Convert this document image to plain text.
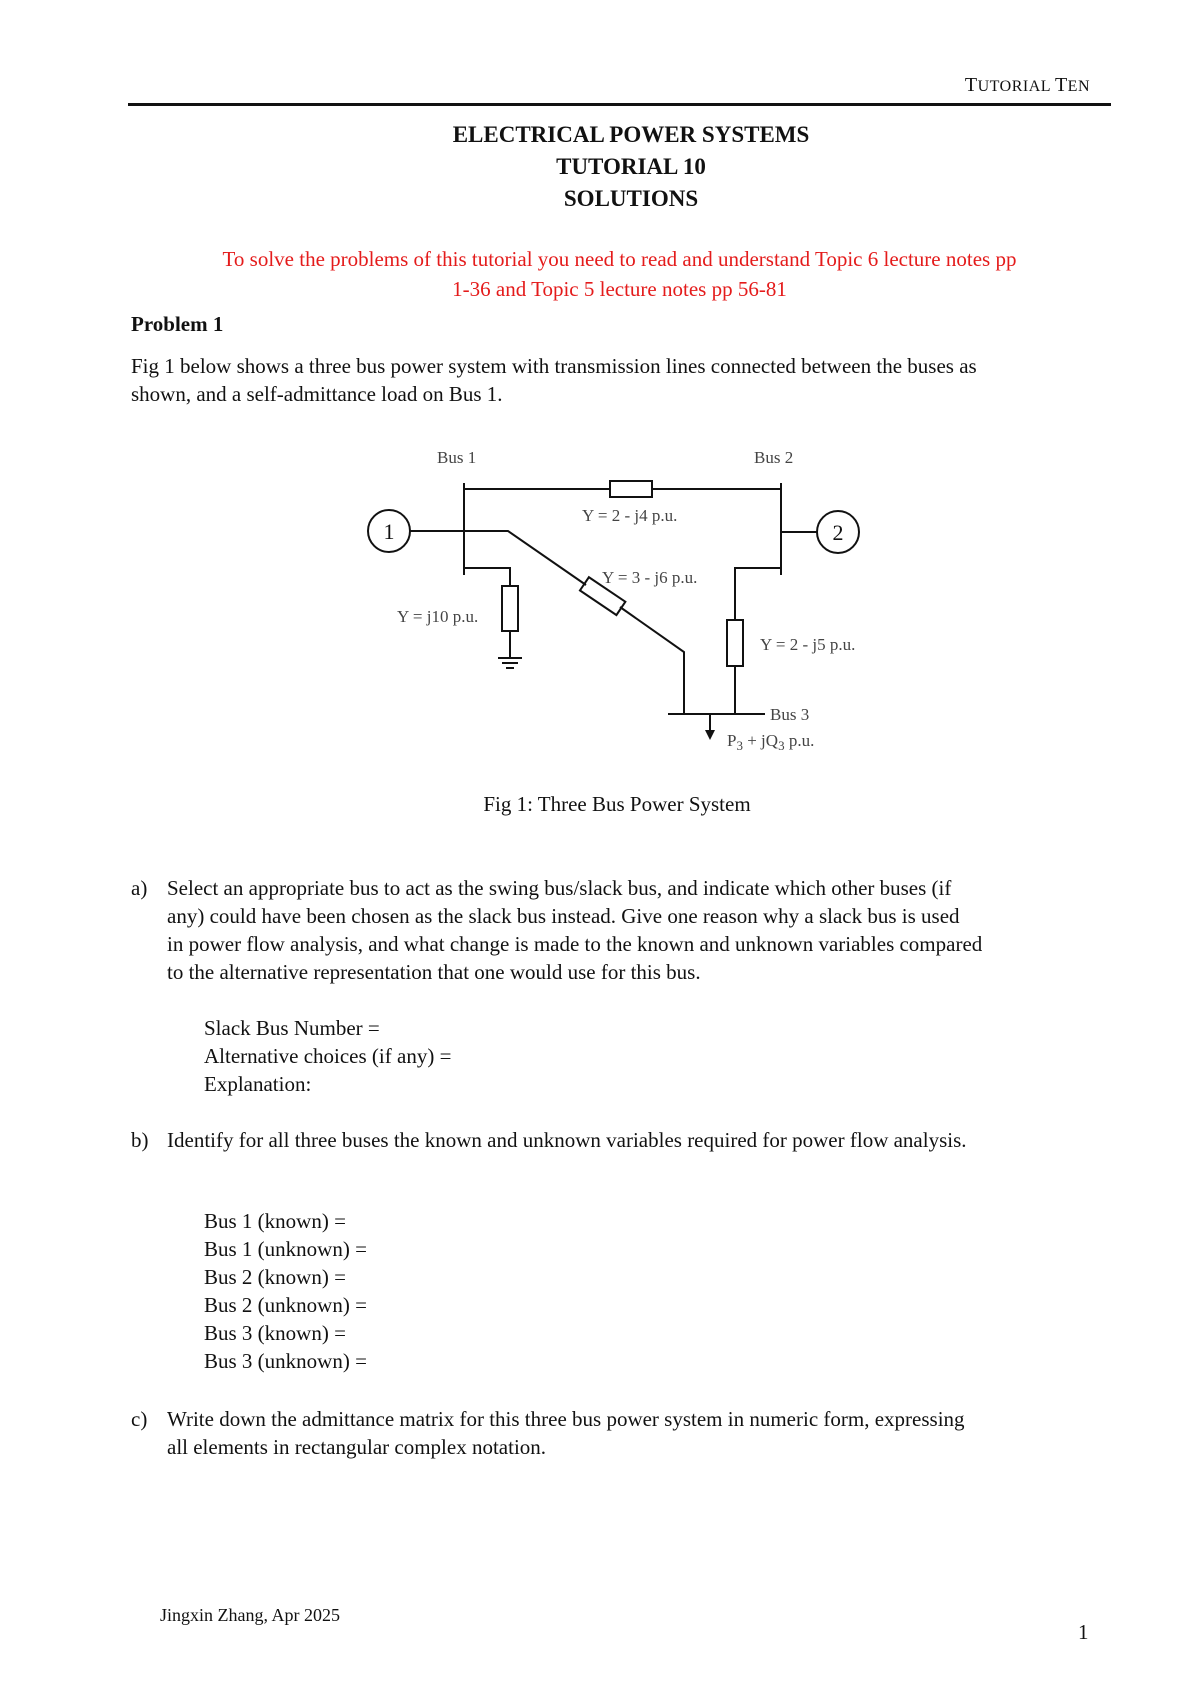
TUTORIAL TEN
ELECTRICAL POWER SYSTEMS
TUTORIAL 10
SOLUTIONS
To solve the problems of this tutorial you need to read and understand Topic 6 lecture notes pp
1-36 and Topic 5 lecture notes pp 56-81
Problem 1
Fig 1 below shows a three bus power system with transmission lines connected between the buses as
shown, and a self-admittance load on Bus 1.
Bus 1	Bus 2
Bus 3
Y = 2 - j4 p.u.
Y = 3 - j6 p.u.
Y = 2 - j5 p.u.
Y = j10 p.u.
$P_3 + jQ_3$ p.u.
1	2
Fig 1: Three Bus Power System
a) Select an appropriate bus to act as the swing bus/slack bus, and indicate which other buses (if
any) could have been chosen as the slack bus instead. Give one reason why a slack bus is used
in power flow analysis, and what change is made to the known and unknown variables compared
to the alternative representation that one would use for this bus.
Slack Bus Number =
Alternative choices (if any) =
Explanation:
b) Identify for all three buses the known and unknown variables required for power flow analysis.
Bus 1 (known) =
Bus 1 (unknown) =
Bus 2 (known) =
Bus 2 (unknown) =
Bus 3 (known) =
Bus 3 (unknown) =
c) Write down the admittance matrix for this three bus power system in numeric form, expressing
all elements in rectangular complex notation.
Jingxin Zhang, Apr 2025
1
